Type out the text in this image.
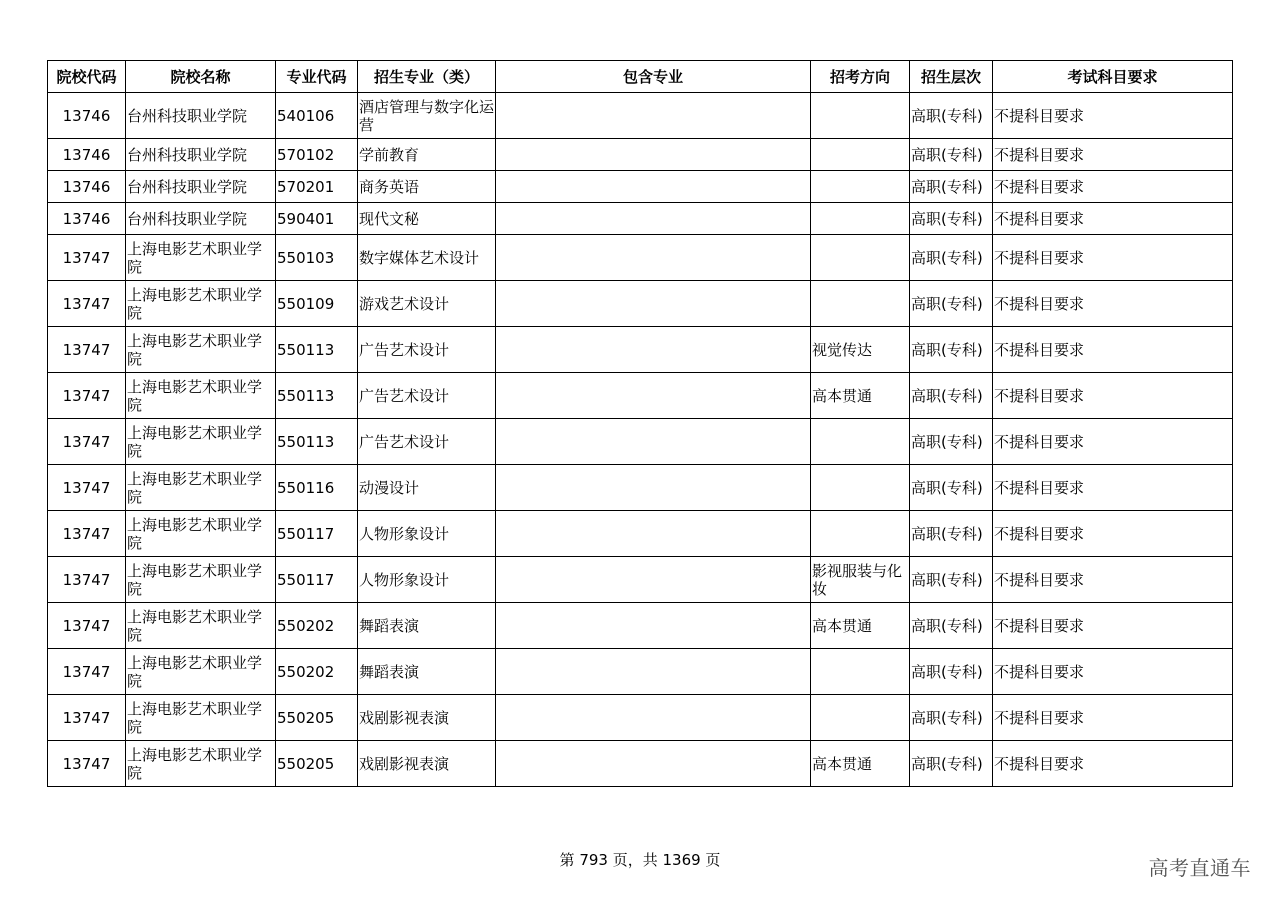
院校代码	院校名称	专业代码	招生专业（类）	包含专业	招考方向	招生层次	考试科目要求
13746	台州科技职业学院	540106	酒店管理与数字化运营			高职(专科)	不提科目要求
13746	台州科技职业学院	570102	学前教育			高职(专科)	不提科目要求
13746	台州科技职业学院	570201	商务英语			高职(专科)	不提科目要求
13746	台州科技职业学院	590401	现代文秘			高职(专科)	不提科目要求
13747	上海电影艺术职业学院	550103	数字媒体艺术设计			高职(专科)	不提科目要求
13747	上海电影艺术职业学院	550109	游戏艺术设计			高职(专科)	不提科目要求
13747	上海电影艺术职业学院	550113	广告艺术设计		视觉传达	高职(专科)	不提科目要求
13747	上海电影艺术职业学院	550113	广告艺术设计		高本贯通	高职(专科)	不提科目要求
13747	上海电影艺术职业学院	550113	广告艺术设计			高职(专科)	不提科目要求
13747	上海电影艺术职业学院	550116	动漫设计			高职(专科)	不提科目要求
13747	上海电影艺术职业学院	550117	人物形象设计			高职(专科)	不提科目要求
13747	上海电影艺术职业学院	550117	人物形象设计		影视服装与化妆	高职(专科)	不提科目要求
13747	上海电影艺术职业学院	550202	舞蹈表演		高本贯通	高职(专科)	不提科目要求
13747	上海电影艺术职业学院	550202	舞蹈表演			高职(专科)	不提科目要求
13747	上海电影艺术职业学院	550205	戏剧影视表演			高职(专科)	不提科目要求
13747	上海电影艺术职业学院	550205	戏剧影视表演		高本贯通	高职(专科)	不提科目要求
第 793 页，共 1369 页	高考直通车
